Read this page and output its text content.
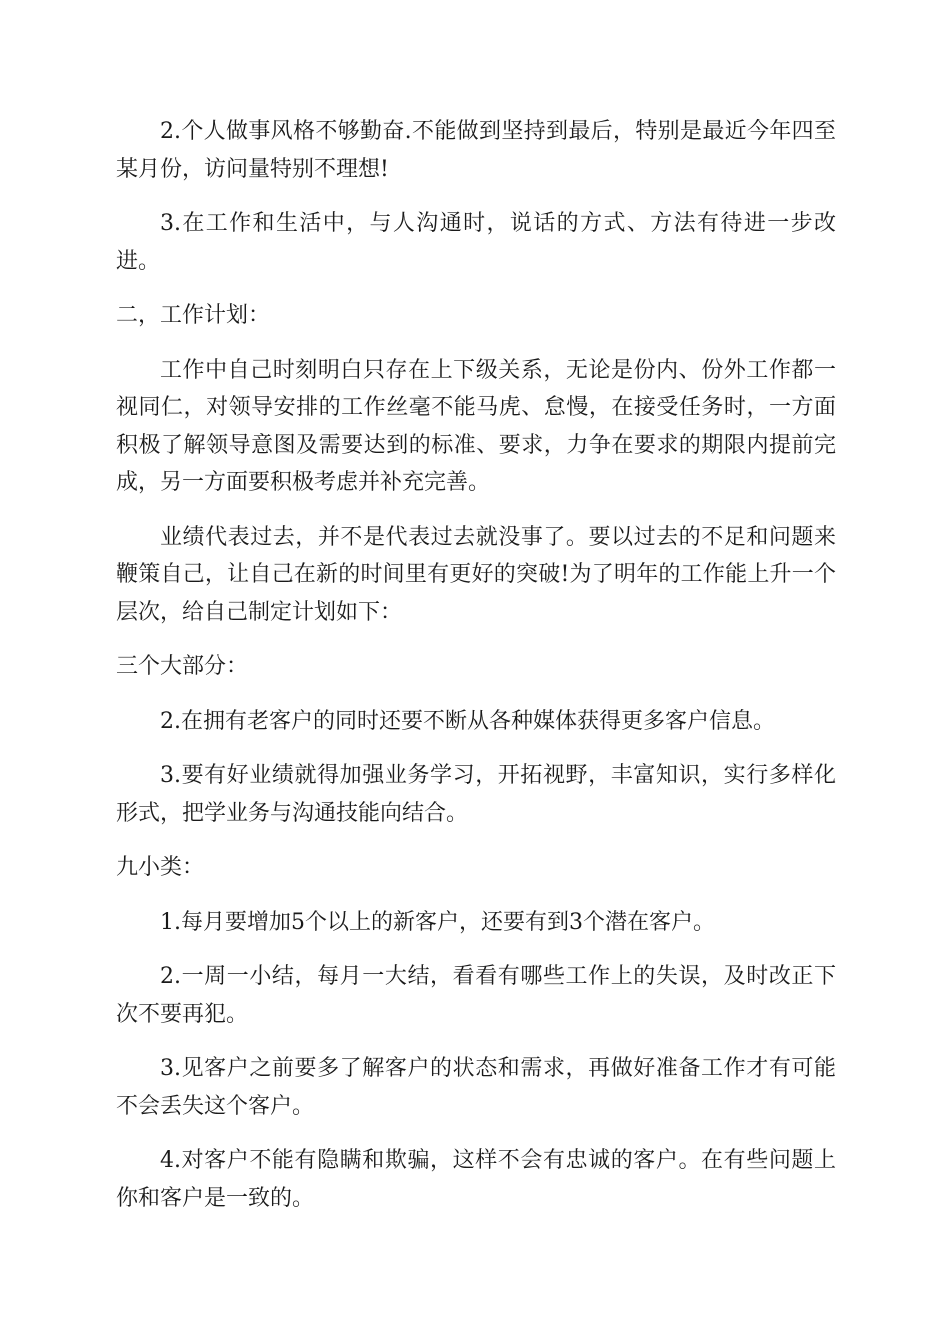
2.个人做事风格不够勤奋.不能做到坚持到最后，特别是最近今年四至某月份，访问量特别不理想!

3.在工作和生活中，与人沟通时，说话的方式、方法有待进一步改进。

二，工作计划：

工作中自己时刻明白只存在上下级关系，无论是份内、份外工作都一视同仁，对领导安排的工作丝毫不能马虎、怠慢，在接受任务时，一方面积极了解领导意图及需要达到的标准、要求，力争在要求的期限内提前完成，另一方面要积极考虑并补充完善。

业绩代表过去，并不是代表过去就没事了。要以过去的不足和问题来鞭策自己，让自己在新的时间里有更好的突破!为了明年的工作能上升一个层次，给自己制定计划如下：

三个大部分：

2.在拥有老客户的同时还要不断从各种媒体获得更多客户信息。

3.要有好业绩就得加强业务学习，开拓视野，丰富知识，实行多样化形式，把学业务与沟通技能向结合。

九小类：

1.每月要增加5个以上的新客户，还要有到3个潜在客户。

2.一周一小结，每月一大结，看看有哪些工作上的失误，及时改正下次不要再犯。

3.见客户之前要多了解客户的状态和需求，再做好准备工作才有可能不会丢失这个客户。

4.对客户不能有隐瞒和欺骗，这样不会有忠诚的客户。在有些问题上你和客户是一致的。
